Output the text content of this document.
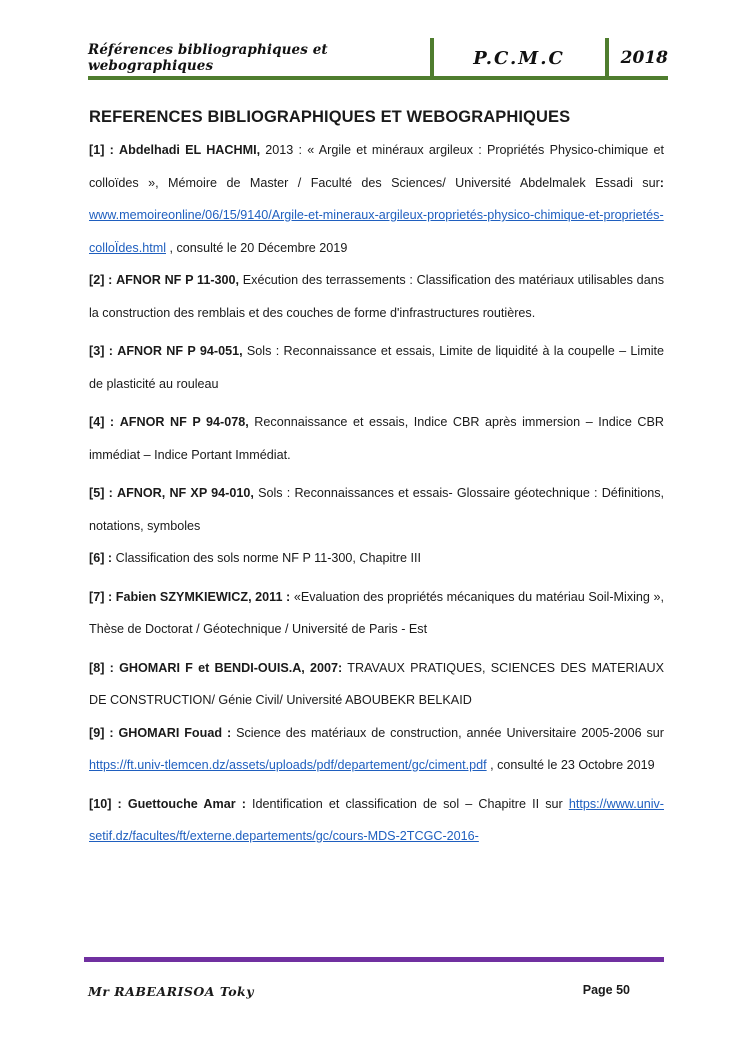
Références bibliographiques et webographiques	P.C.M.C	2018
REFERENCES BIBLIOGRAPHIQUES ET WEBOGRAPHIQUES

[1] : Abdelhadi EL HACHMI, 2013 : « Argile et minéraux argileux : Propriétés Physico-chimique et colloïdes », Mémoire de Master / Faculté des Sciences/ Université Abdelmalek Essadi sur: www.memoireonline/06/15/9140/Argile-et-mineraux-argileux-proprietés-physico-chimique-et-proprietés-colloÏdes.html , consulté le 20 Décembre 2019

[2] : AFNOR NF P 11-300, Exécution des terrassements : Classification des matériaux utilisables dans la construction des remblais et des couches de forme d'infrastructures routières.

[3] : AFNOR NF P 94-051, Sols : Reconnaissance et essais, Limite de liquidité à la coupelle – Limite de plasticité au rouleau

[4] : AFNOR NF P 94-078, Reconnaissance et essais, Indice CBR après immersion – Indice CBR immédiat – Indice Portant Immédiat.

[5] : AFNOR, NF XP 94-010, Sols : Reconnaissances et essais- Glossaire géotechnique : Définitions, notations, symboles

[6] : Classification des sols norme NF P 11-300, Chapitre III

[7] : Fabien SZYMKIEWICZ, 2011 : «Evaluation des propriétés mécaniques du matériau Soil-Mixing », Thèse de Doctorat / Géotechnique / Université de Paris - Est

[8] : GHOMARI F et BENDI-OUIS.A, 2007: TRAVAUX PRATIQUES, SCIENCES DES MATERIAUX DE CONSTRUCTION/ Génie Civil/ Université ABOUBEKR BELKAID

[9] : GHOMARI Fouad : Science des matériaux de construction, année Universitaire 2005-2006 sur https://ft.univ-tlemcen.dz/assets/uploads/pdf/departement/gc/ciment.pdf , consulté le 23 Octobre 2019

[10] : Guettouche Amar : Identification et classification de sol – Chapitre II sur https://www.univ-setif.dz/facultes/ft/externe.departements/gc/cours-MDS-2TCGC-2016-

Mr RABEARISOA Toky	Page 50
